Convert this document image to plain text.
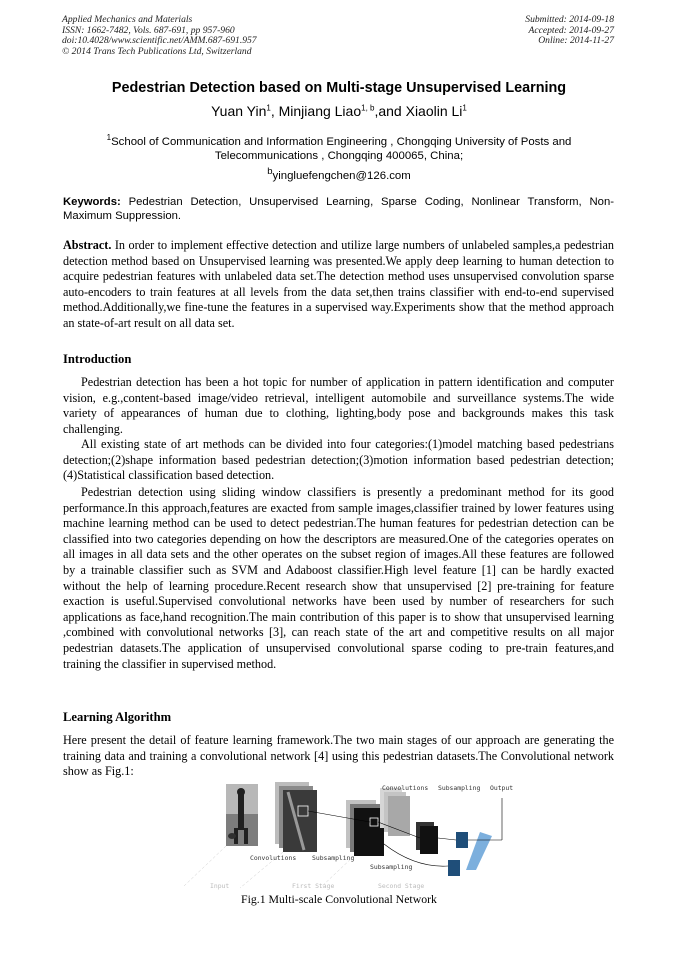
Applied Mechanics and Materials
ISSN: 1662-7482, Vols. 687-691, pp 957-960
doi:10.4028/www.scientific.net/AMM.687-691.957
© 2014 Trans Tech Publications Ltd, Switzerland
Submitted: 2014-09-18
Accepted: 2014-09-27
Online: 2014-11-27
Pedestrian Detection based on Multi-stage Unsupervised Learning
Yuan Yin$^1$, Minjiang Liao$^{1, b}$,and Xiaolin Li$^1$
$^1$School of Communication and Information Engineering , Chongqing University of Posts and Telecommunications , Chongqing 400065, China;
$^b$yingluefengchen@126.com
Keywords: Pedestrian Detection, Unsupervised Learning, Sparse Coding, Nonlinear Transform, Non-Maximum Suppression.
Abstract. In order to implement effective detection and utilize large numbers of unlabeled samples,a pedestrian detection method based on Unsupervised learning was presented.We apply deep learning to human detection to acquire pedestrian features with unlabeled data set.The detection method uses unsupervised convolution sparse auto-encoders to train features at all levels from the data set,then trains classifier with end-to-end supervised method.Additionally,we fine-tune the features in a supervised way.Experiments show that the method approach an state-of-art result on all data set.
Introduction
Pedestrian detection has been a hot topic for number of application in pattern identification and computer vision, e.g.,content-based image/video retrieval, intelligent automobile and surveillance systems.The wide variety of appearances of human due to clothing, lighting,body pose and backgrounds makes this task challenging.
All existing state of art methods can be divided into four categories:(1)model matching based pedestrians detection;(2)shape information based pedestrian detection;(3)motion information based pedestrian detection;(4)Statistical classification based detection.
Pedestrian detection using sliding window classifiers is presently a predominant method for its good performance.In this approach,features are exacted from sample images,classifier trained by lower features using machine learning method can be used to detect pedestrian.The human features for pedestrian detection can be classified into two categories depending on how the descriptors are measured.One of the categories operates on all images in all data sets and the other operates on the subset region of images.All these features are followed by a trainable classifier such as SVM and Adaboost classifier.High level feature [1] can be hardly exacted without the help of learning procedure.Recent research show that unsupervised [2] pre-training for feature exaction is useful.Supervised convolutional networks have been used by number of researchers for such applications as face,hand recognition.The main contribution of this paper is to show that unsupervised learning ,combined with convolutional networks [3], can reach state of the art and competitive results on all major pedestrian datasets.The application of unsupervised convolutional sparse coding to pre-train features,and training the classifier in supervised method.
Learning Algorithm
Here present the detail of feature learning framework.The two main stages of our approach are generating the training data and training a convolutional network [4] using this pedestrian datasets.The Convolutional network show as Fig.1:
Convolutions Subsampling Output
Convolutions Subsampling
Subsampling
Input	First Stage	Second Stage
Fig.1 Multi-scale Convolutional Network
